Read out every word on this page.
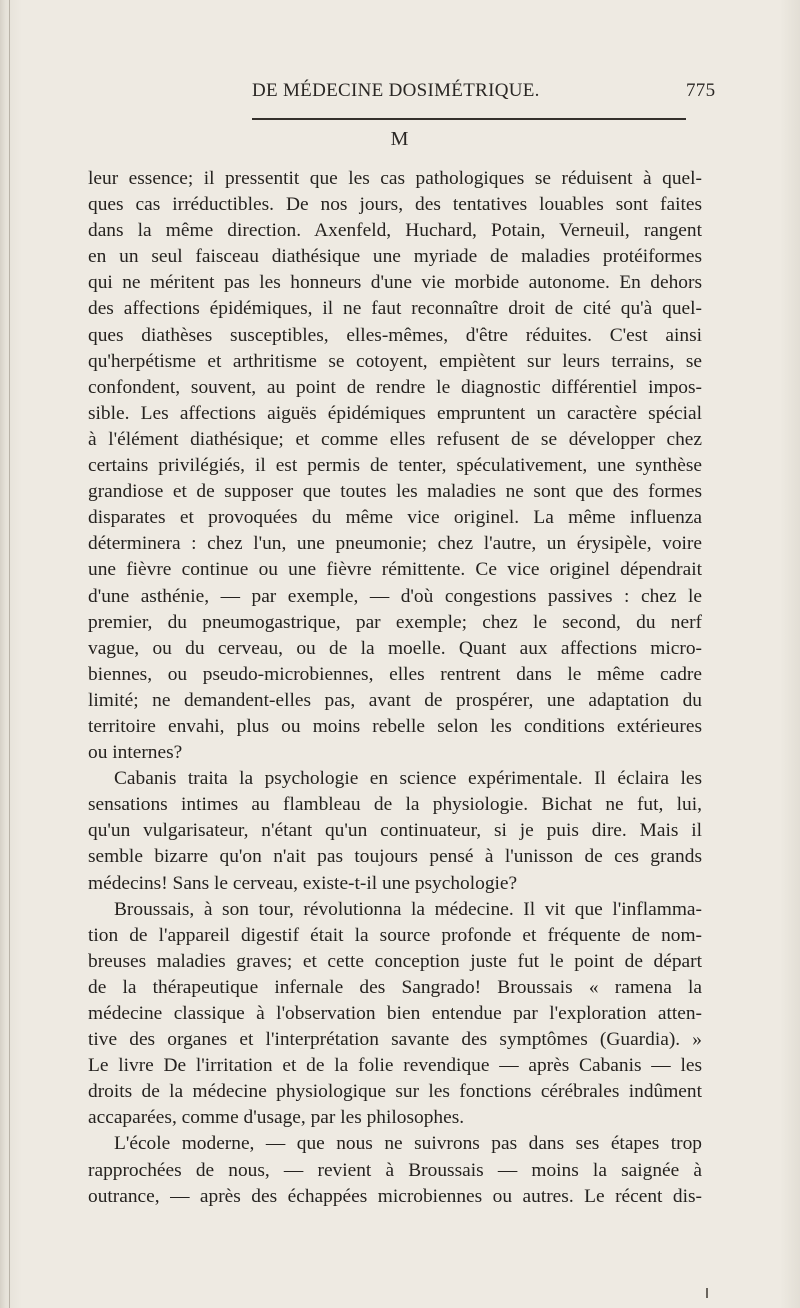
DE MÉDECINE DOSIMÉTRIQUE.	775
M
leur essence; il pressentit que les cas pathologiques se réduisent à quel-
ques cas irréductibles. De nos jours, des tentatives louables sont faites
dans la même direction. Axenfeld, Huchard, Potain, Verneuil, rangent
en un seul faisceau diathésique une myriade de maladies protéiformes
qui ne méritent pas les honneurs d'une vie morbide autonome. En dehors
des affections épidémiques, il ne faut reconnaître droit de cité qu'à quel-
ques diathèses susceptibles, elles-mêmes, d'être réduites. C'est ainsi
qu'herpétisme et arthritisme se cotoyent, empiètent sur leurs terrains, se
confondent, souvent, au point de rendre le diagnostic différentiel impos-
sible. Les affections aiguës épidémiques empruntent un caractère spécial
à l'élément diathésique; et comme elles refusent de se développer chez
certains privilégiés, il est permis de tenter, spéculativement, une synthèse
grandiose et de supposer que toutes les maladies ne sont que des formes
disparates et provoquées du même vice originel. La même influenza
déterminera : chez l'un, une pneumonie; chez l'autre, un érysipèle, voire
une fièvre continue ou une fièvre rémittente. Ce vice originel dépendrait
d'une asthénie, — par exemple, — d'où congestions passives : chez le
premier, du pneumogastrique, par exemple; chez le second, du nerf
vague, ou du cerveau, ou de la moelle. Quant aux affections micro-
biennes, ou pseudo-microbiennes, elles rentrent dans le même cadre
limité; ne demandent-elles pas, avant de prospérer, une adaptation du
territoire envahi, plus ou moins rebelle selon les conditions extérieures
ou internes?
Cabanis traita la psychologie en science expérimentale. Il éclaira les
sensations intimes au flambleau de la physiologie. Bichat ne fut, lui,
qu'un vulgarisateur, n'étant qu'un continuateur, si je puis dire. Mais il
semble bizarre qu'on n'ait pas toujours pensé à l'unisson de ces grands
médecins! Sans le cerveau, existe-t-il une psychologie?
Broussais, à son tour, révolutionna la médecine. Il vit que l'inflamma-
tion de l'appareil digestif était la source profonde et fréquente de nom-
breuses maladies graves; et cette conception juste fut le point de départ
de la thérapeutique infernale des Sangrado! Broussais « ramena la
médecine classique à l'observation bien entendue par l'exploration atten-
tive des organes et l'interprétation savante des symptômes (Guardia). »
Le livre De l'irritation et de la folie revendique — après Cabanis — les
droits de la médecine physiologique sur les fonctions cérébrales indûment
accaparées, comme d'usage, par les philosophes.
L'école moderne, — que nous ne suivrons pas dans ses étapes trop
rapprochées de nous, — revient à Broussais — moins la saignée à
outrance, — après des échappées microbiennes ou autres. Le récent dis-
